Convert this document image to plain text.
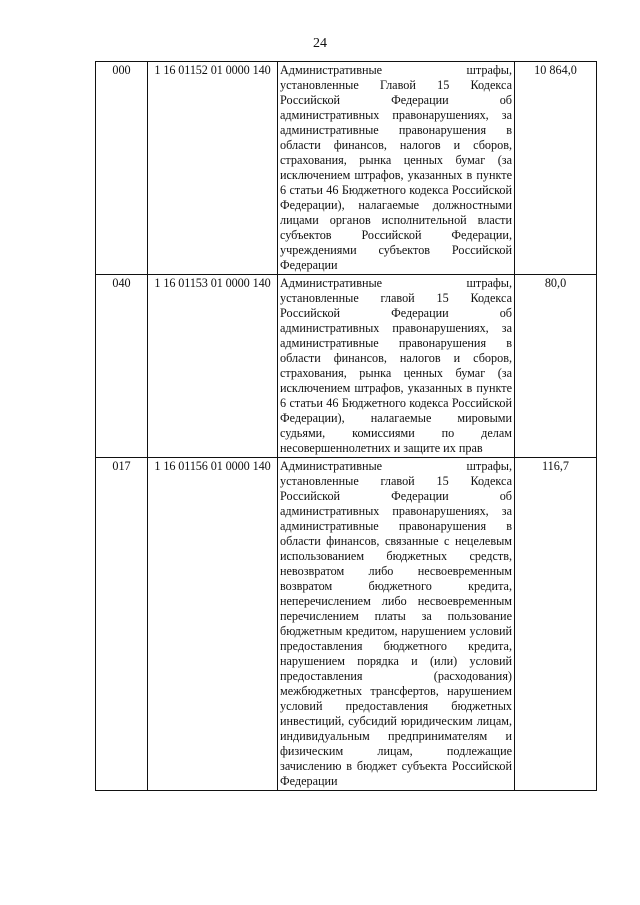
24
000	1 16 01152 01 0000 140	Административные штрафы, установленные Главой 15 Кодекса Российской Федерации об административных правонарушениях, за административные правонарушения в области финансов, налогов и сборов, страхования, рынка ценных бумаг (за исключением штрафов, указанных в пункте 6 статьи 46 Бюджетного кодекса Российской Федерации), налагаемые должностными лицами органов исполнительной власти субъектов Российской Федерации, учреждениями субъектов Российской Федерации	10 864,0
040	1 16 01153 01 0000 140	Административные штрафы, установленные главой 15 Кодекса Российской Федерации об административных правонарушениях, за административные правонарушения в области финансов, налогов и сборов, страхования, рынка ценных бумаг (за исключением штрафов, указанных в пункте 6 статьи 46 Бюджетного кодекса Российской Федерации), налагаемые мировыми судьями, комиссиями по делам несовершеннолетних и защите их прав	80,0
017	1 16 01156 01 0000 140	Административные штрафы, установленные главой 15 Кодекса Российской Федерации об административных правонарушениях, за административные правонарушения в области финансов, связанные с нецелевым использованием бюджетных средств, невозвратом либо несвоевременным возвратом бюджетного кредита, неперечислением либо несвоевременным перечислением платы за пользование бюджетным кредитом, нарушением условий предоставления бюджетного кредита, нарушением порядка и (или) условий предоставления (расходования) межбюджетных трансфертов, нарушением условий предоставления бюджетных инвестиций, субсидий юридическим лицам, индивидуальным предпринимателям и физическим лицам, подлежащие зачислению в бюджет субъекта Российской Федерации	116,7
